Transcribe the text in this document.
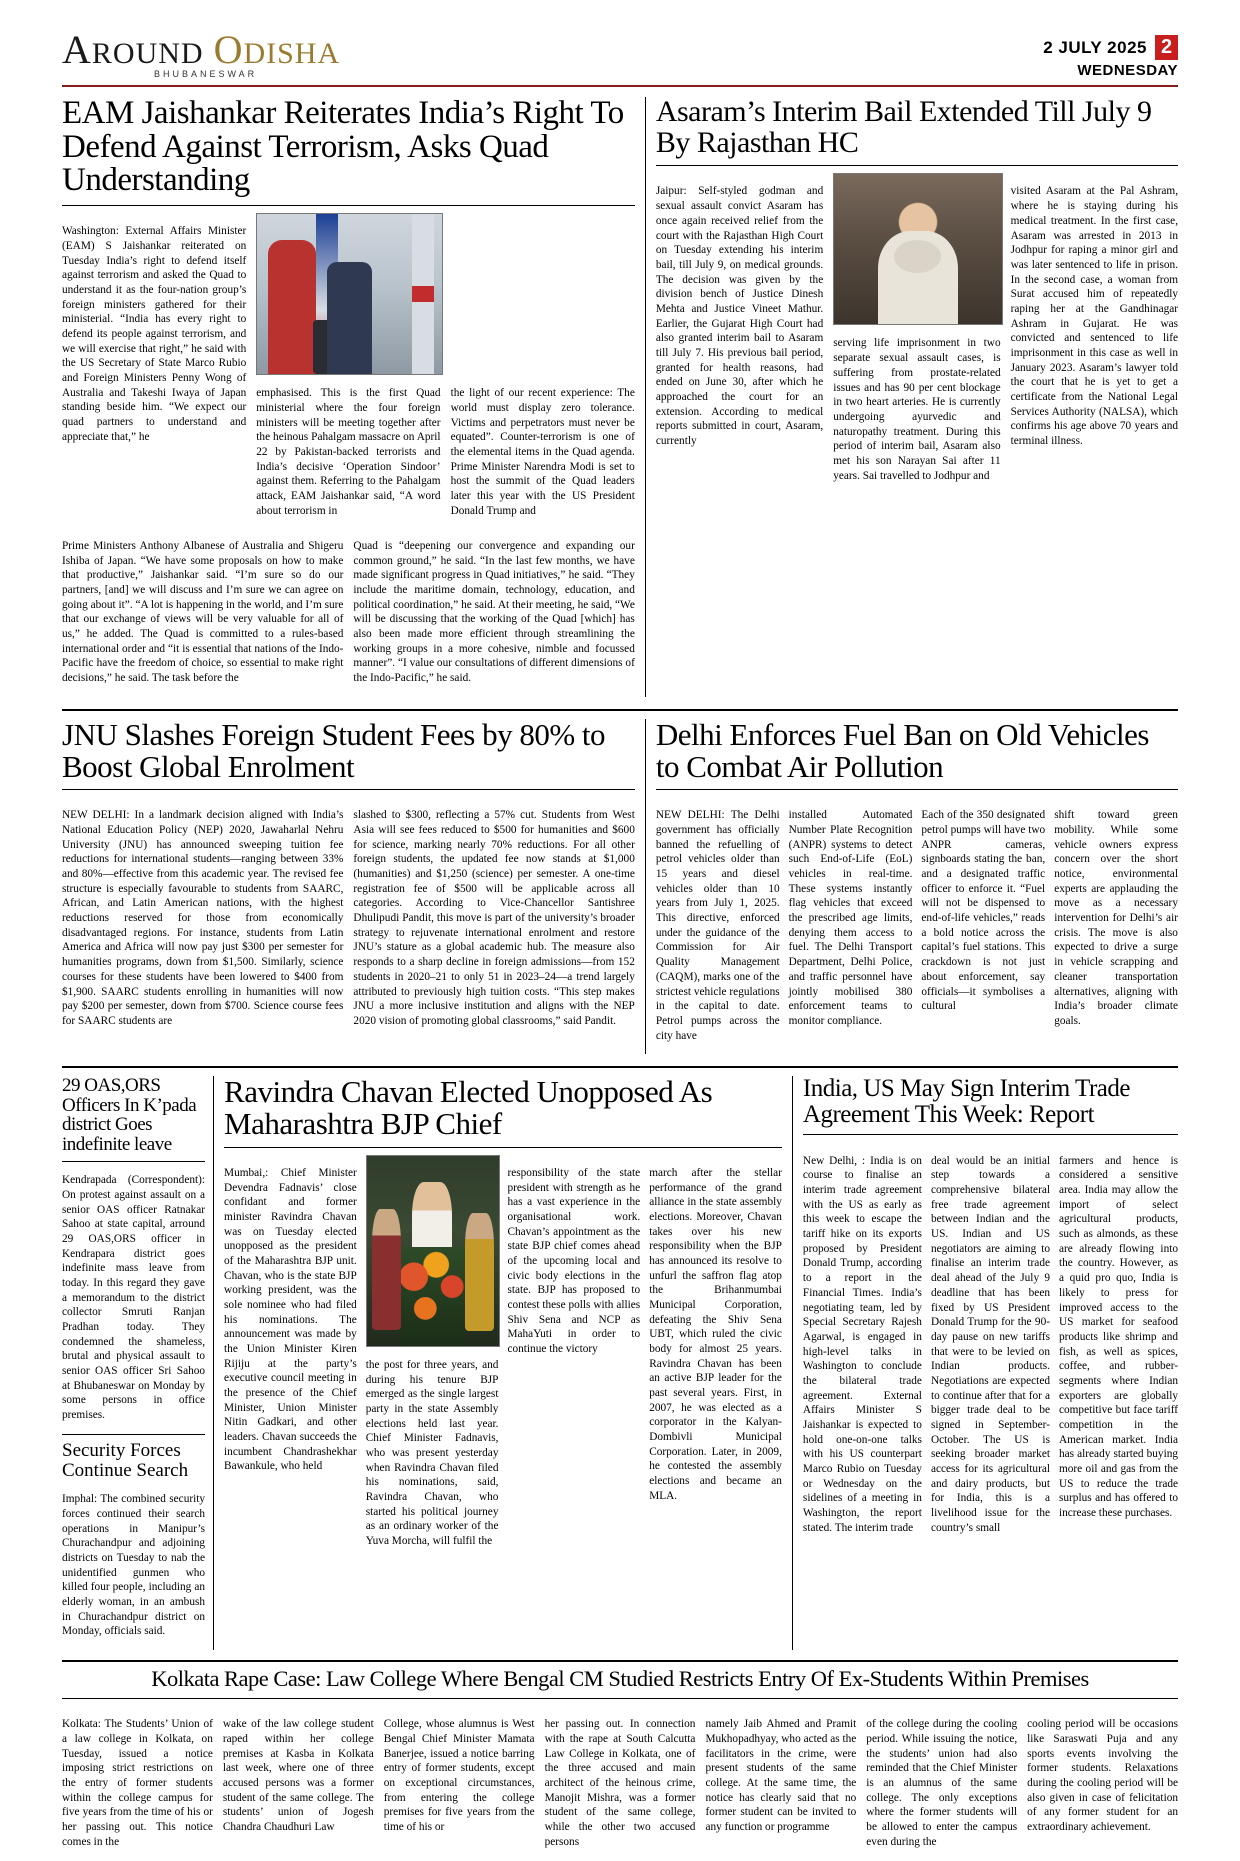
AROUND ODISHA
BHUBANESWAR
2 JULY 2025 2
WEDNESDAY
EAM Jaishankar Reiterates India’s Right To Defend Against Terrorism, Asks Quad Understanding

Washington: External Affairs Minister (EAM) S Jaishankar reiterated on Tuesday India’s right to defend itself against terrorism and asked the Quad to understand it as the four-nation group’s foreign ministers gathered for their ministerial. “India has every right to defend its people against terrorism, and we will exercise that right,” he said with the US Secretary of State Marco Rubio and Foreign Ministers Penny Wong of Australia and Takeshi Iwaya of Japan standing beside him. “We expect our quad partners to understand and appreciate that,” he

emphasised. This is the first Quad ministerial where the four foreign ministers will be meeting together after the heinous Pahalgam massacre on April 22 by Pakistan-backed terrorists and India’s decisive ‘Operation Sindoor’ against them. Referring to the Pahalgam attack, EAM Jaishankar said, “A word about terrorism in

the light of our recent experience: The world must display zero tolerance. Victims and perpetrators must never be equated”. Counter-terrorism is one of the elemental items in the Quad agenda. Prime Minister Narendra Modi is set to host the summit of the Quad leaders later this year with the US President Donald Trump and

Prime Ministers Anthony Albanese of Australia and Shigeru Ishiba of Japan. “We have some proposals on how to make that productive,” Jaishankar said. “I’m sure so do our partners, [and] we will discuss and I’m sure we can agree on going about it”. “A lot is happening in the world, and I’m sure that our exchange of views will be very valuable for all of us,” he added. The Quad is committed to a rules-based international order and “it is essential that nations of the Indo-Pacific have the freedom of choice, so essential to make right decisions,” he said. The task before the

Quad is “deepening our convergence and expanding our common ground,” he said. “In the last few months, we have made significant progress in Quad initiatives,” he said. “They include the maritime domain, technology, education, and political coordination,” he said. At their meeting, he said, “We will be discussing that the working of the Quad [which] has also been made more efficient through streamlining the working groups in a more cohesive, nimble and focussed manner”. “I value our consultations of different dimensions of the Indo-Pacific,” he said.

Asaram’s Interim Bail Extended Till July 9 By Rajasthan HC

Jaipur: Self-styled godman and sexual assault convict Asaram has once again received relief from the court with the Rajasthan High Court on Tuesday extending his interim bail, till July 9, on medical grounds. The decision was given by the division bench of Justice Dinesh Mehta and Justice Vineet Mathur. Earlier, the Gujarat High Court had also granted interim bail to Asaram till July 7. His previous bail period, granted for health reasons, had ended on June 30, after which he approached the court for an extension. According to medical reports submitted in court, Asaram, currently

serving life imprisonment in two separate sexual assault cases, is suffering from prostate-related issues and has 90 per cent blockage in two heart arteries. He is currently undergoing ayurvedic and naturopathy treatment. During this period of interim bail, Asaram also met his son Narayan Sai after 11 years. Sai travelled to Jodhpur and

visited Asaram at the Pal Ashram, where he is staying during his medical treatment. In the first case, Asaram was arrested in 2013 in Jodhpur for raping a minor girl and was later sentenced to life in prison. In the second case, a woman from Surat accused him of repeatedly raping her at the Gandhinagar Ashram in Gujarat. He was convicted and sentenced to life imprisonment in this case as well in January 2023. Asaram’s lawyer told the court that he is yet to get a certificate from the National Legal Services Authority (NALSA), which confirms his age above 70 years and terminal illness.

JNU Slashes Foreign Student Fees by 80% to Boost Global Enrolment

NEW DELHI: In a landmark decision aligned with India’s National Education Policy (NEP) 2020, Jawaharlal Nehru University (JNU) has announced sweeping tuition fee reductions for international students—ranging between 33% and 80%—effective from this academic year. The revised fee structure is especially favourable to students from SAARC, African, and Latin American nations, with the highest reductions reserved for those from economically disadvantaged regions. For instance, students from Latin America and Africa will now pay just $300 per semester for humanities programs, down from $1,500. Similarly, science courses for these students have been lowered to $400 from $1,900. SAARC students enrolling in humanities will now pay $200 per semester, down from $700. Science course fees for SAARC students are

slashed to $300, reflecting a 57% cut. Students from West Asia will see fees reduced to $500 for humanities and $600 for science, marking nearly 70% reductions. For all other foreign students, the updated fee now stands at $1,000 (humanities) and $1,250 (science) per semester. A one-time registration fee of $500 will be applicable across all categories. According to Vice-Chancellor Santishree Dhulipudi Pandit, this move is part of the university’s broader strategy to rejuvenate international enrolment and restore JNU’s stature as a global academic hub. The measure also responds to a sharp decline in foreign admissions—from 152 students in 2020–21 to only 51 in 2023–24—a trend largely attributed to previously high tuition costs. “This step makes JNU a more inclusive institution and aligns with the NEP 2020 vision of promoting global classrooms,” said Pandit.

Delhi Enforces Fuel Ban on Old Vehicles to Combat Air Pollution

NEW DELHI: The Delhi government has officially banned the refuelling of petrol vehicles older than 15 years and diesel vehicles older than 10 years from July 1, 2025. This directive, enforced under the guidance of the Commission for Air Quality Management (CAQM), marks one of the strictest vehicle regulations in the capital to date. Petrol pumps across the city have

installed Automated Number Plate Recognition (ANPR) systems to detect such End-of-Life (EoL) vehicles in real-time. These systems instantly flag vehicles that exceed the prescribed age limits, denying them access to fuel. The Delhi Transport Department, Delhi Police, and traffic personnel have jointly mobilised 380 enforcement teams to monitor compliance.

Each of the 350 designated petrol pumps will have two ANPR cameras, signboards stating the ban, and a designated traffic officer to enforce it. “Fuel will not be dispensed to end-of-life vehicles,” reads a bold notice across the capital’s fuel stations. This crackdown is not just about enforcement, say officials—it symbolises a cultural

shift toward green mobility. While some vehicle owners express concern over the short notice, environmental experts are applauding the move as a necessary intervention for Delhi’s air crisis. The move is also expected to drive a surge in vehicle scrapping and cleaner transportation alternatives, aligning with India’s broader climate goals.

29 OAS,ORS Officers In K’pada district Goes indefinite leave

Kendrapada (Correspondent): On protest against assault on a senior OAS officer Ratnakar Sahoo at state capital, arround 29 OAS,ORS officer in Kendrapara district goes indefinite mass leave from today. In this regard they gave a memorandum to the district collector Smruti Ranjan Pradhan today. They condemned the shameless, brutal and physical assault to senior OAS officer Sri Sahoo at Bhubaneswar on Monday by some persons in office premises.

Security Forces Continue Search

Imphal: The combined security forces continued their search operations in Manipur’s Churachandpur and adjoining districts on Tuesday to nab the unidentified gunmen who killed four people, including an elderly woman, in an ambush in Churachandpur district on Monday, officials said.

Ravindra Chavan Elected Unopposed As Maharashtra BJP Chief

Mumbai,: Chief Minister Devendra Fadnavis’ close confidant and former minister Ravindra Chavan was on Tuesday elected unopposed as the president of the Maharashtra BJP unit. Chavan, who is the state BJP working president, was the sole nominee who had filed his nominations. The announcement was made by the Union Minister Kiren Rijiju at the party’s executive council meeting in the presence of the Chief Minister, Union Minister Nitin Gadkari, and other leaders. Chavan succeeds the incumbent Chandrashekhar Bawankule, who held

the post for three years, and during his tenure BJP emerged as the single largest party in the state Assembly elections held last year. Chief Minister Fadnavis, who was present yesterday when Ravindra Chavan filed his nominations, said, Ravindra Chavan, who started his political journey as an ordinary worker of the Yuva Morcha, will fulfil the

responsibility of the state president with strength as he has a vast experience in the organisational work. Chavan’s appointment as the state BJP chief comes ahead of the upcoming local and civic body elections in the state. BJP has proposed to contest these polls with allies Shiv Sena and NCP as MahaYuti in order to continue the victory

march after the stellar performance of the grand alliance in the state assembly elections. Moreover, Chavan takes over his new responsibility when the BJP has announced its resolve to unfurl the saffron flag atop the Brihanmumbai Municipal Corporation, defeating the Shiv Sena UBT, which ruled the civic body for almost 25 years. Ravindra Chavan has been an active BJP leader for the past several years. First, in 2007, he was elected as a corporator in the Kalyan-Dombivli Municipal Corporation. Later, in 2009, he contested the assembly elections and became an MLA.

India, US May Sign Interim Trade Agreement This Week: Report

New Delhi, : India is on course to finalise an interim trade agreement with the US as early as this week to escape the tariff hike on its exports proposed by President Donald Trump, according to a report in the Financial Times. India’s negotiating team, led by Special Secretary Rajesh Agarwal, is engaged in high-level talks in Washington to conclude the bilateral trade agreement. External Affairs Minister S Jaishankar is expected to hold one-on-one talks with his US counterpart Marco Rubio on Tuesday or Wednesday on the sidelines of a meeting in Washington, the report stated. The interim trade

deal would be an initial step towards a comprehensive bilateral free trade agreement between Indian and the US. Indian and US negotiators are aiming to finalise an interim trade deal ahead of the July 9 deadline that has been fixed by US President Donald Trump for the 90-day pause on new tariffs that were to be levied on Indian products. Negotiations are expected to continue after that for a bigger trade deal to be signed in September-October. The US is seeking broader market access for its agricultural and dairy products, but for India, this is a livelihood issue for the country’s small

farmers and hence is considered a sensitive area. India may allow the import of select agricultural products, such as almonds, as these are already flowing into the country. However, as a quid pro quo, India is likely to press for improved access to the US market for seafood products like shrimp and fish, as well as spices, coffee, and rubber- segments where Indian exporters are globally competitive but face tariff competition in the American market. India has already started buying more oil and gas from the US to reduce the trade surplus and has offered to increase these purchases.

Kolkata Rape Case: Law College Where Bengal CM Studied Restricts Entry Of Ex-Students Within Premises

Kolkata: The Students’ Union of a law college in Kolkata, on Tuesday, issued a notice imposing strict restrictions on the entry of former students within the college campus for five years from the time of his or her passing out. This notice comes in the

wake of the law college student raped within her college premises at Kasba in Kolkata last week, where one of three accused persons was a former student of the same college. The students’ union of Jogesh Chandra Chaudhuri Law

College, whose alumnus is West Bengal Chief Minister Mamata Banerjee, issued a notice barring entry of former students, except on exceptional circumstances, from entering the college premises for five years from the time of his or

her passing out. In connection with the rape at South Calcutta Law College in Kolkata, one of the three accused and main architect of the heinous crime, Manojit Mishra, was a former student of the same college, while the other two accused persons

namely Jaib Ahmed and Pramit Mukhopadhyay, who acted as the facilitators in the crime, were present students of the same college. At the same time, the notice has clearly said that no former student can be invited to any function or programme

of the college during the cooling period. While issuing the notice, the students’ union had also reminded that the Chief Minister is an alumnus of the same college. The only exceptions where the former students will be allowed to enter the campus even during the

cooling period will be occasions like Saraswati Puja and any sports events involving the former students. Relaxations during the cooling period will be also given in case of felicitation of any former student for an extraordinary achievement.
